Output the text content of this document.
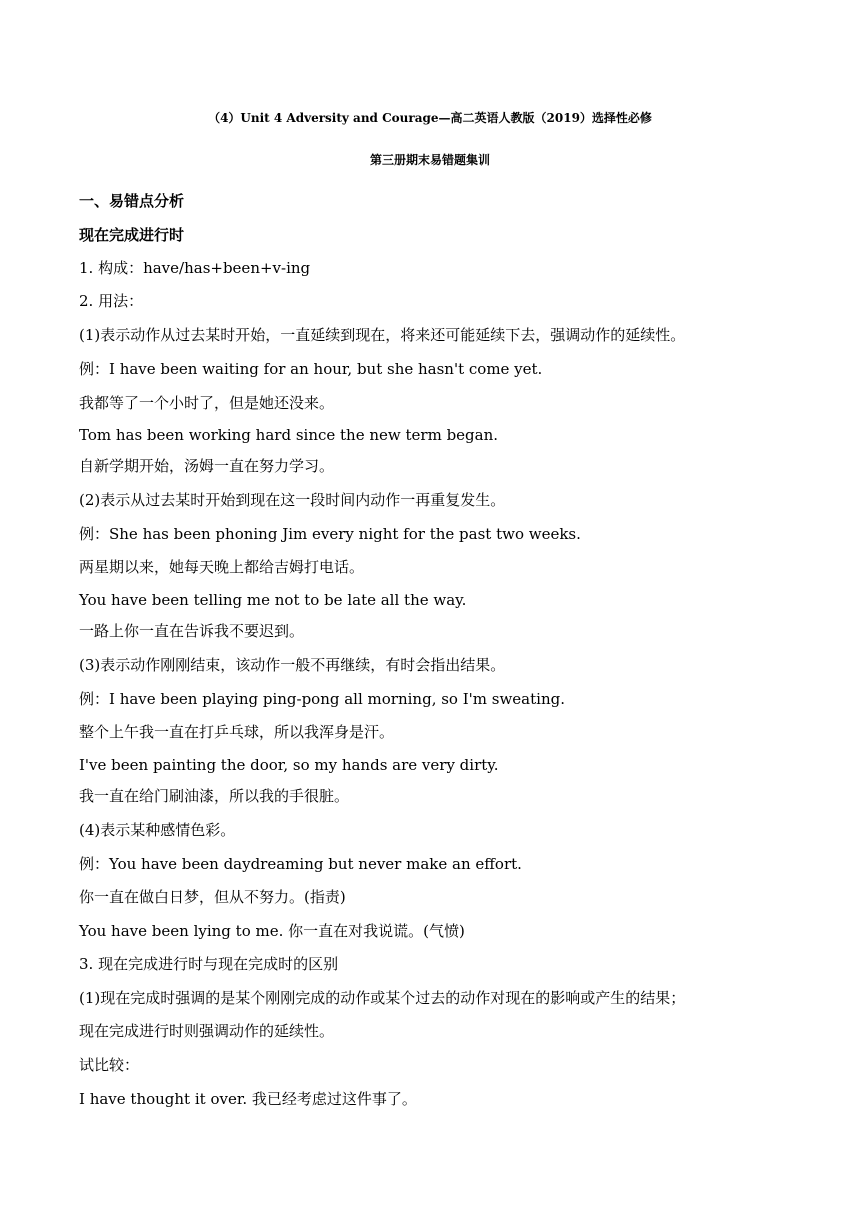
（4）Unit 4 Adversity and Courage—高二英语人教版（2019）选择性必修
第三册期末易错题集训
一、易错点分析
现在完成进行时
1. 构成：have/has+been+v-ing
2. 用法：
(1)表示动作从过去某时开始，一直延续到现在，将来还可能延续下去，强调动作的延续性。
例：I have been waiting for an hour, but she hasn't come yet.
我都等了一个小时了，但是她还没来。
Tom has been working hard since the new term began.
自新学期开始，汤姆一直在努力学习。
(2)表示从过去某时开始到现在这一段时间内动作一再重复发生。
例：She has been phoning Jim every night for the past two weeks.
两星期以来，她每天晚上都给吉姆打电话。
You have been telling me not to be late all the way.
一路上你一直在告诉我不要迟到。
(3)表示动作刚刚结束，该动作一般不再继续，有时会指出结果。
例：I have been playing ping-pong all morning, so I'm sweating.
整个上午我一直在打乒乓球，所以我浑身是汗。
I've been painting the door, so my hands are very dirty.
我一直在给门刷油漆，所以我的手很脏。
(4)表示某种感情色彩。
例：You have been daydreaming but never make an effort.
你一直在做白日梦，但从不努力。(指责)
You have been lying to me. 你一直在对我说谎。(气愤)
3. 现在完成进行时与现在完成时的区别
(1)现在完成时强调的是某个刚刚完成的动作或某个过去的动作对现在的影响或产生的结果；
现在完成进行时则强调动作的延续性。
试比较：
I have thought it over. 我已经考虑过这件事了。
